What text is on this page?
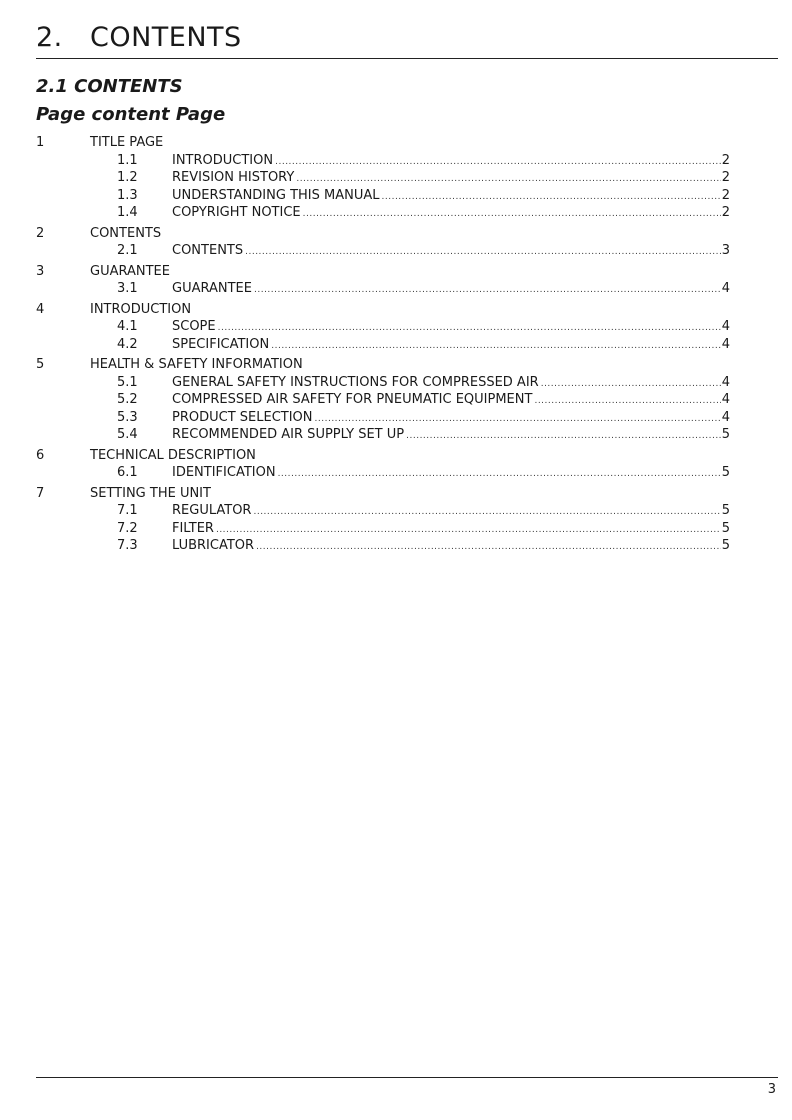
2. CONTENTS
2.1 CONTENTS
Page content Page
1	TITLE PAGE
1.1	INTRODUCTION .....	2
1.2	REVISION HISTORY .....	2
1.3	UNDERSTANDING THIS MANUAL .....	2
1.4	COPYRIGHT NOTICE .....	2
2	CONTENTS
2.1	CONTENTS .....	3
3	GUARANTEE
3.1	GUARANTEE .....	4
4	INTRODUCTION
4.1	SCOPE .....	4
4.2	SPECIFICATION .....	4
5	HEALTH & SAFETY INFORMATION
5.1	GENERAL SAFETY INSTRUCTIONS FOR COMPRESSED AIR .....	4
5.2	COMPRESSED AIR SAFETY FOR PNEUMATIC EQUIPMENT .....	4
5.3	PRODUCT SELECTION .....	4
5.4	RECOMMENDED AIR SUPPLY SET UP .....	5
6	TECHNICAL DESCRIPTION
6.1	IDENTIFICATION .....	5
7	SETTING THE UNIT
7.1	REGULATOR .....	5
7.2	FILTER .....	5
7.3	LUBRICATOR .....	5
3
